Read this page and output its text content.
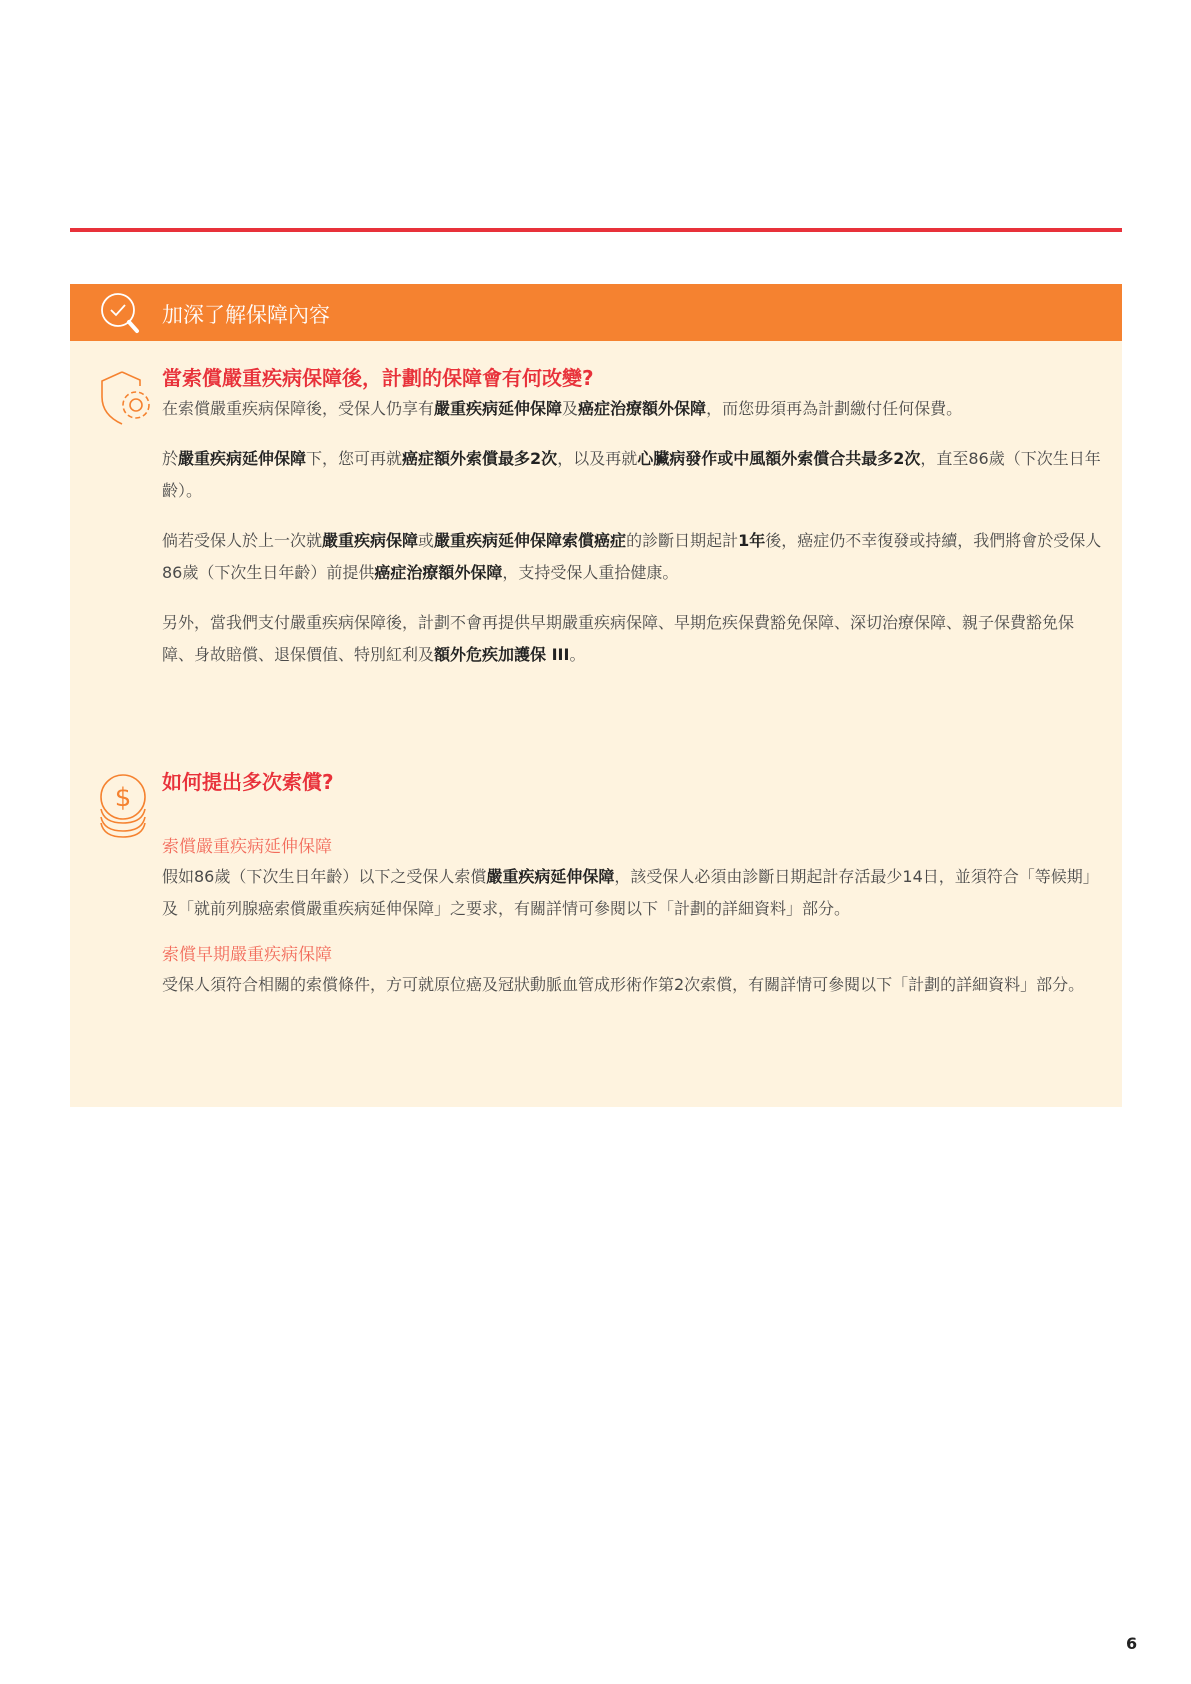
加深了解保障內容
當索償嚴重疾病保障後，計劃的保障會有何改變?

在索償嚴重疾病保障後，受保人仍享有嚴重疾病延伸保障及癌症治療額外保障，而您毋須再為計劃繳付任何保費。

於嚴重疾病延伸保障下，您可再就癌症額外索償最多2次，以及再就心臟病發作或中風額外索償合共最多2次，直至86歲（下次生日年齡）。

倘若受保人於上一次就嚴重疾病保障或嚴重疾病延伸保障索償癌症的診斷日期起計1年後，癌症仍不幸復發或持續，我們將會於受保人86歲（下次生日年齡）前提供癌症治療額外保障，支持受保人重拾健康。

另外，當我們支付嚴重疾病保障後，計劃不會再提供早期嚴重疾病保障、早期危疾保費豁免保障、深切治療保障、親子保費豁免保障、身故賠償、退保價值、特別紅利及額外危疾加護保 III。

$
如何提出多次索償?
索償嚴重疾病延伸保障

假如86歲（下次生日年齡）以下之受保人索償嚴重疾病延伸保障，該受保人必須由診斷日期起計存活最少14日，並須符合「等候期」及「就前列腺癌索償嚴重疾病延伸保障」之要求，有關詳情可參閱以下「計劃的詳細資料」部分。

索償早期嚴重疾病保障

受保人須符合相關的索償條件，方可就原位癌及冠狀動脈血管成形術作第2次索償，有關詳情可參閱以下「計劃的詳細資料」部分。

6
